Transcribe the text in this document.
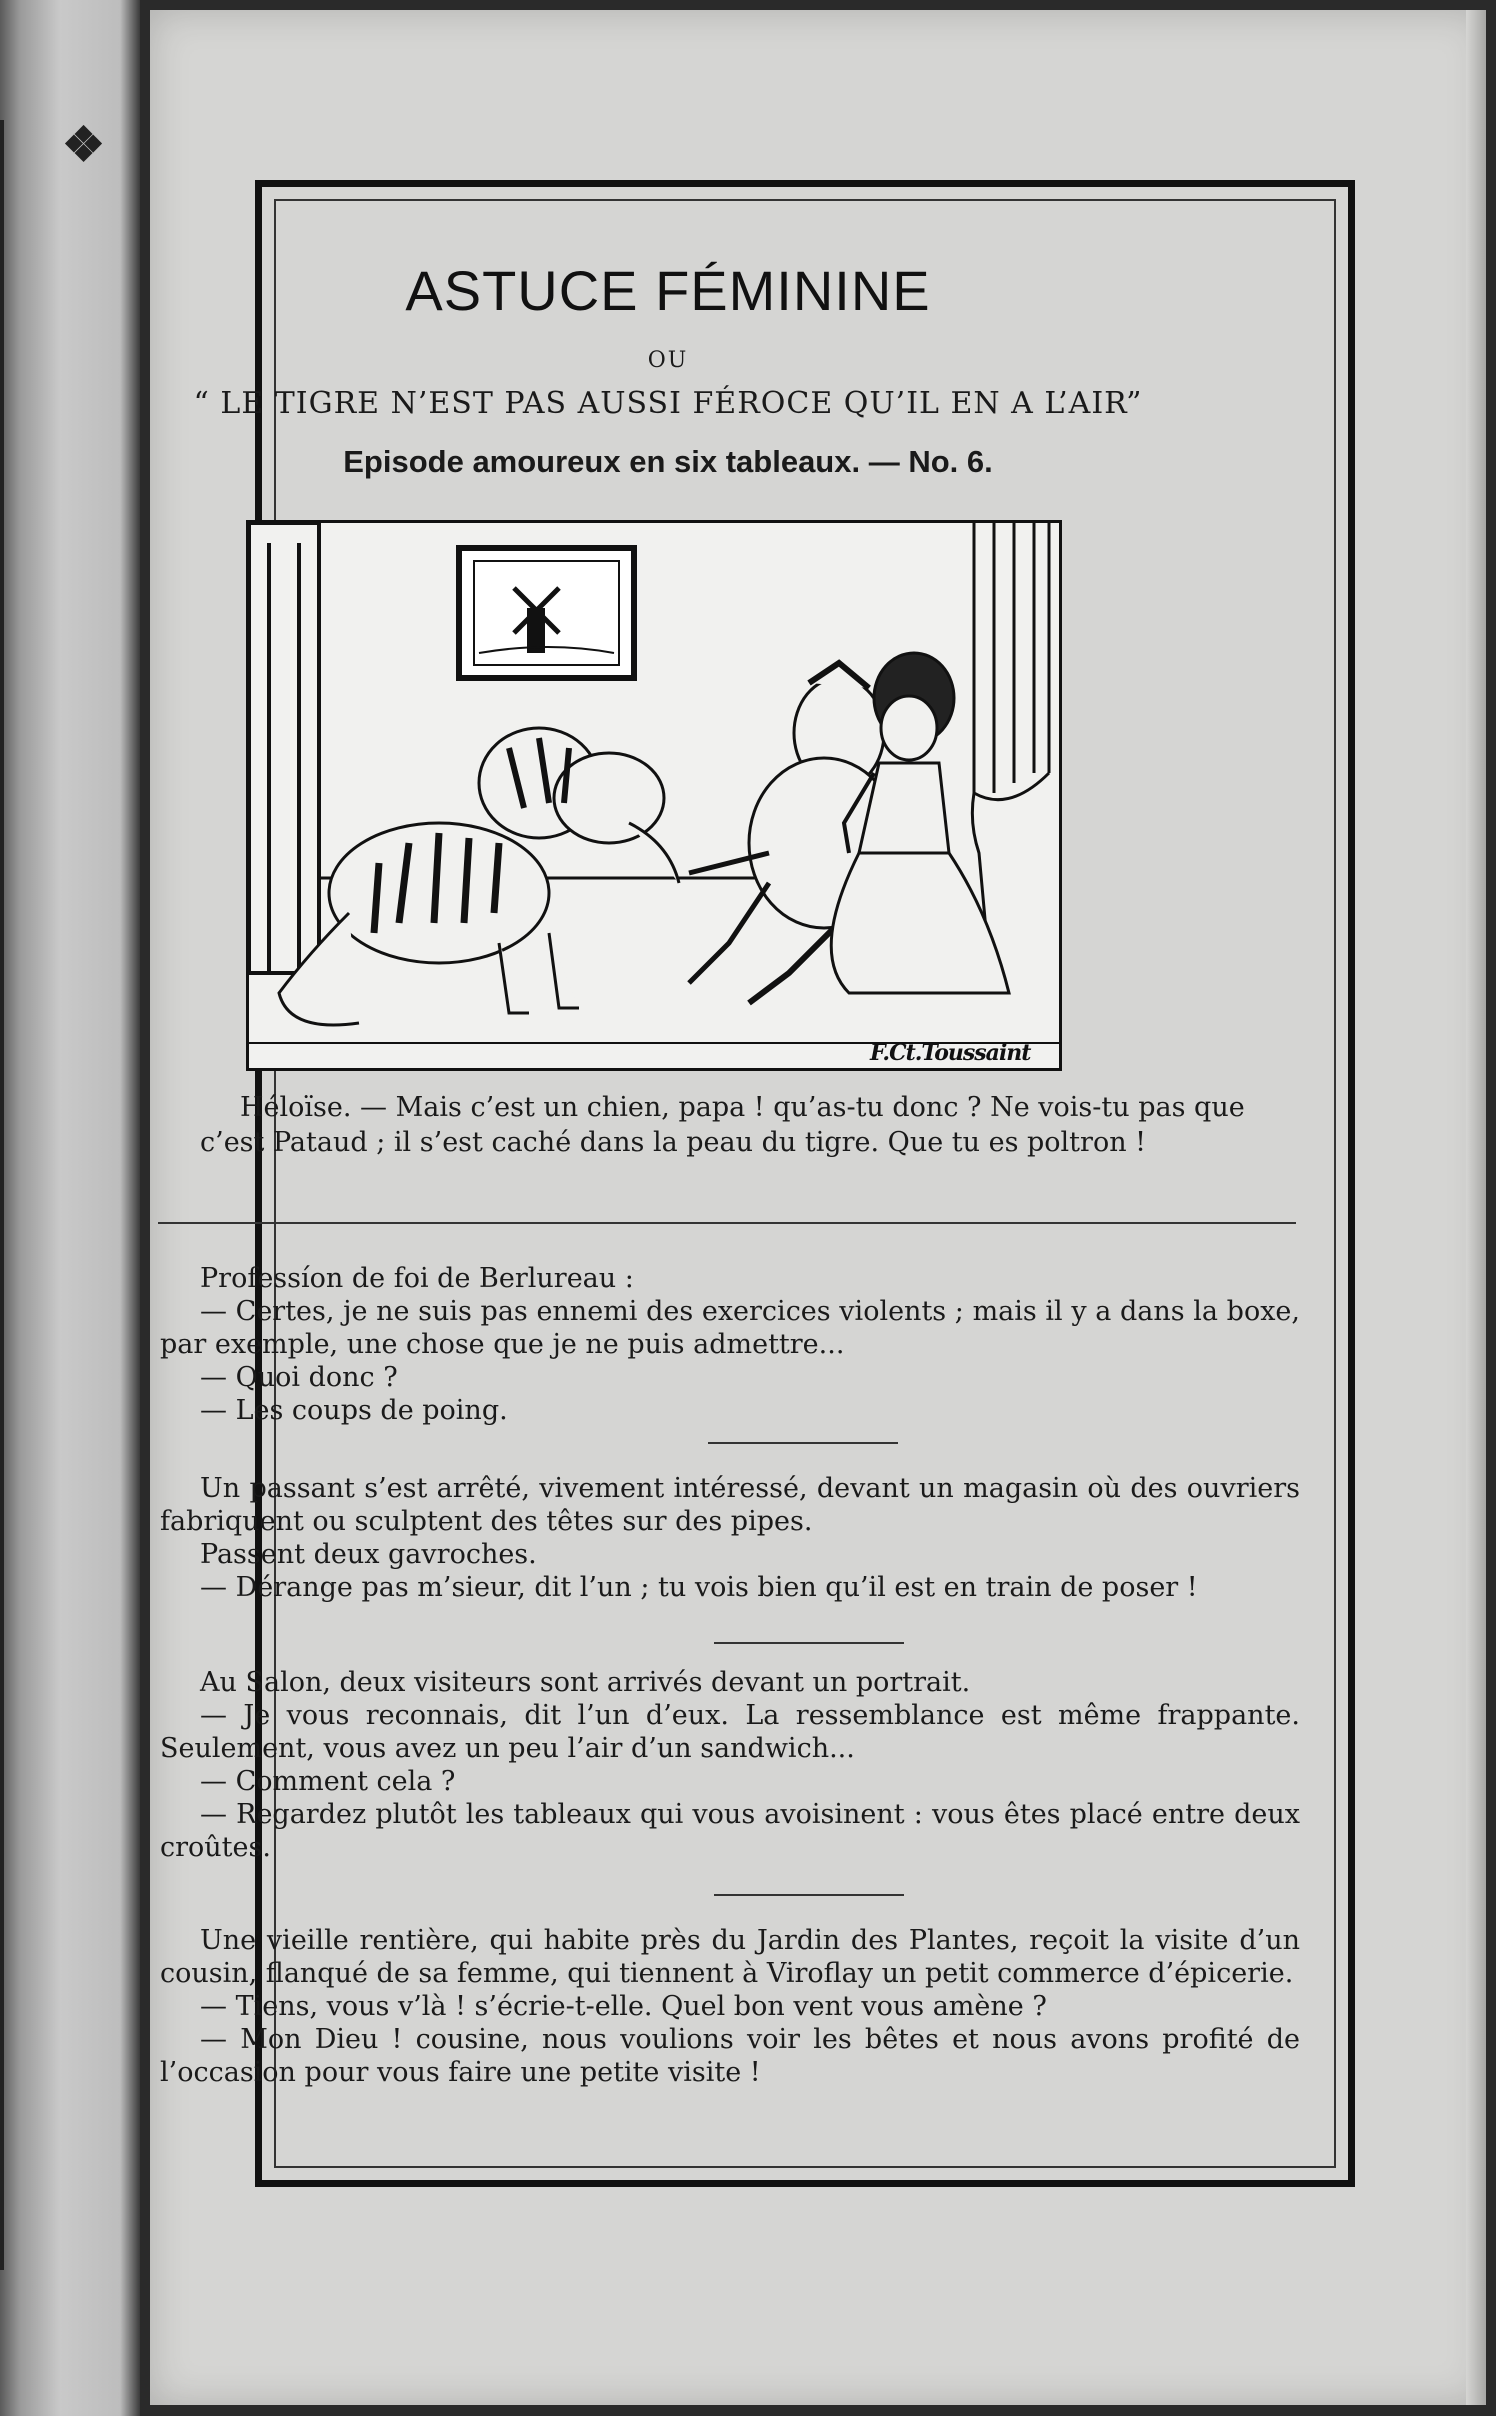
❖
ASTUCE FÉMININE
OU
“ LE TIGRE N’EST PAS AUSSI FÉROCE QU’IL EN A L’AIR”
Episode amoureux en six tableaux. — No. 6.
F.Ct.Toussaint
Héloïse. — Mais c’est un chien, papa ! qu’as-tu donc ? Ne vois-tu pas que c’est Pataud ; il s’est caché dans la peau du tigre. Que tu es poltron !

Professíon de foi de Berlureau :

— Certes, je ne suis pas ennemi des exercices violents ; mais il y a dans la boxe, par exemple, une chose que je ne puis admettre...

— Quoi donc ?

— Les coups de poing.

Un passant s’est arrêté, vivement intéressé, devant un magasin où des ouvriers fabriquent ou sculptent des têtes sur des pipes.

Passent deux gavroches.

— Dérange pas m’sieur, dit l’un ; tu vois bien qu’il est en train de poser !

Au Salon, deux visiteurs sont arrivés devant un portrait.

— Je vous reconnais, dit l’un d’eux. La ressemblance est même frappante. Seulement, vous avez un peu l’air d’un sandwich...

— Comment cela ?

— Regardez plutôt les tableaux qui vous avoisinent : vous êtes placé entre deux croûtes.

Une vieille rentière, qui habite près du Jardin des Plantes, reçoit la visite d’un cousin, flanqué de sa femme, qui tiennent à Viroflay un petit commerce d’épicerie.

— Tiens, vous v’là ! s’écrie-t-elle. Quel bon vent vous amène ?

— Mon Dieu ! cousine, nous voulions voir les bêtes et nous avons profité de l’occasion pour vous faire une petite visite !
